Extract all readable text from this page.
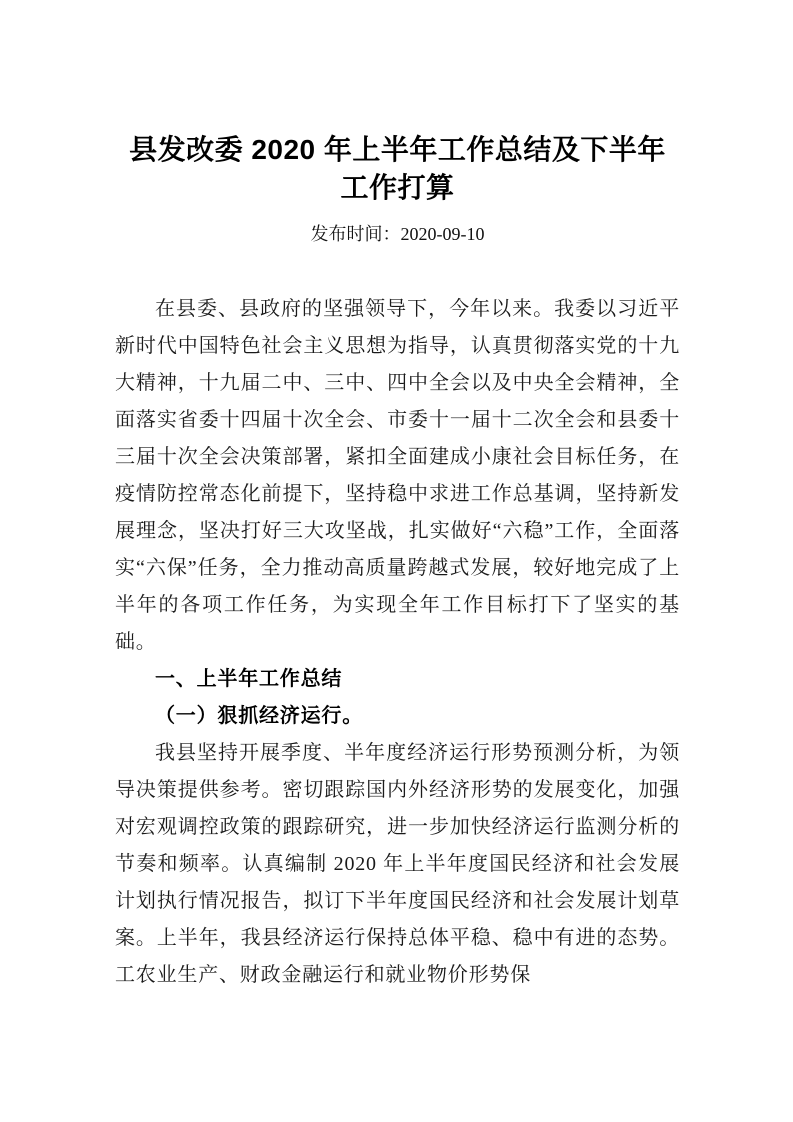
县发改委 2020 年上半年工作总结及下半年
工作打算
发布时间：2020-09-10

在县委、县政府的坚强领导下，今年以来。我委以习近平新时代中国特色社会主义思想为指导，认真贯彻落实党的十九大精神，十九届二中、三中、四中全会以及中央全会精神，全面落实省委十四届十次全会、市委十一届十二次全会和县委十三届十次全会决策部署，紧扣全面建成小康社会目标任务，在疫情防控常态化前提下，坚持稳中求进工作总基调，坚持新发展理念，坚决打好三大攻坚战，扎实做好“六稳”工作，全面落实“六保”任务，全力推动高质量跨越式发展，较好地完成了上半年的各项工作任务，为实现全年工作目标打下了坚实的基础。

一、上半年工作总结

（一）狠抓经济运行。

我县坚持开展季度、半年度经济运行形势预测分析，为领导决策提供参考。密切跟踪国内外经济形势的发展变化，加强对宏观调控政策的跟踪研究，进一步加快经济运行监测分析的节奏和频率。认真编制 2020 年上半年度国民经济和社会发展计划执行情况报告，拟订下半年度国民经济和社会发展计划草案。上半年，我县经济运行保持总体平稳、稳中有进的态势。工农业生产、财政金融运行和就业物价形势保
